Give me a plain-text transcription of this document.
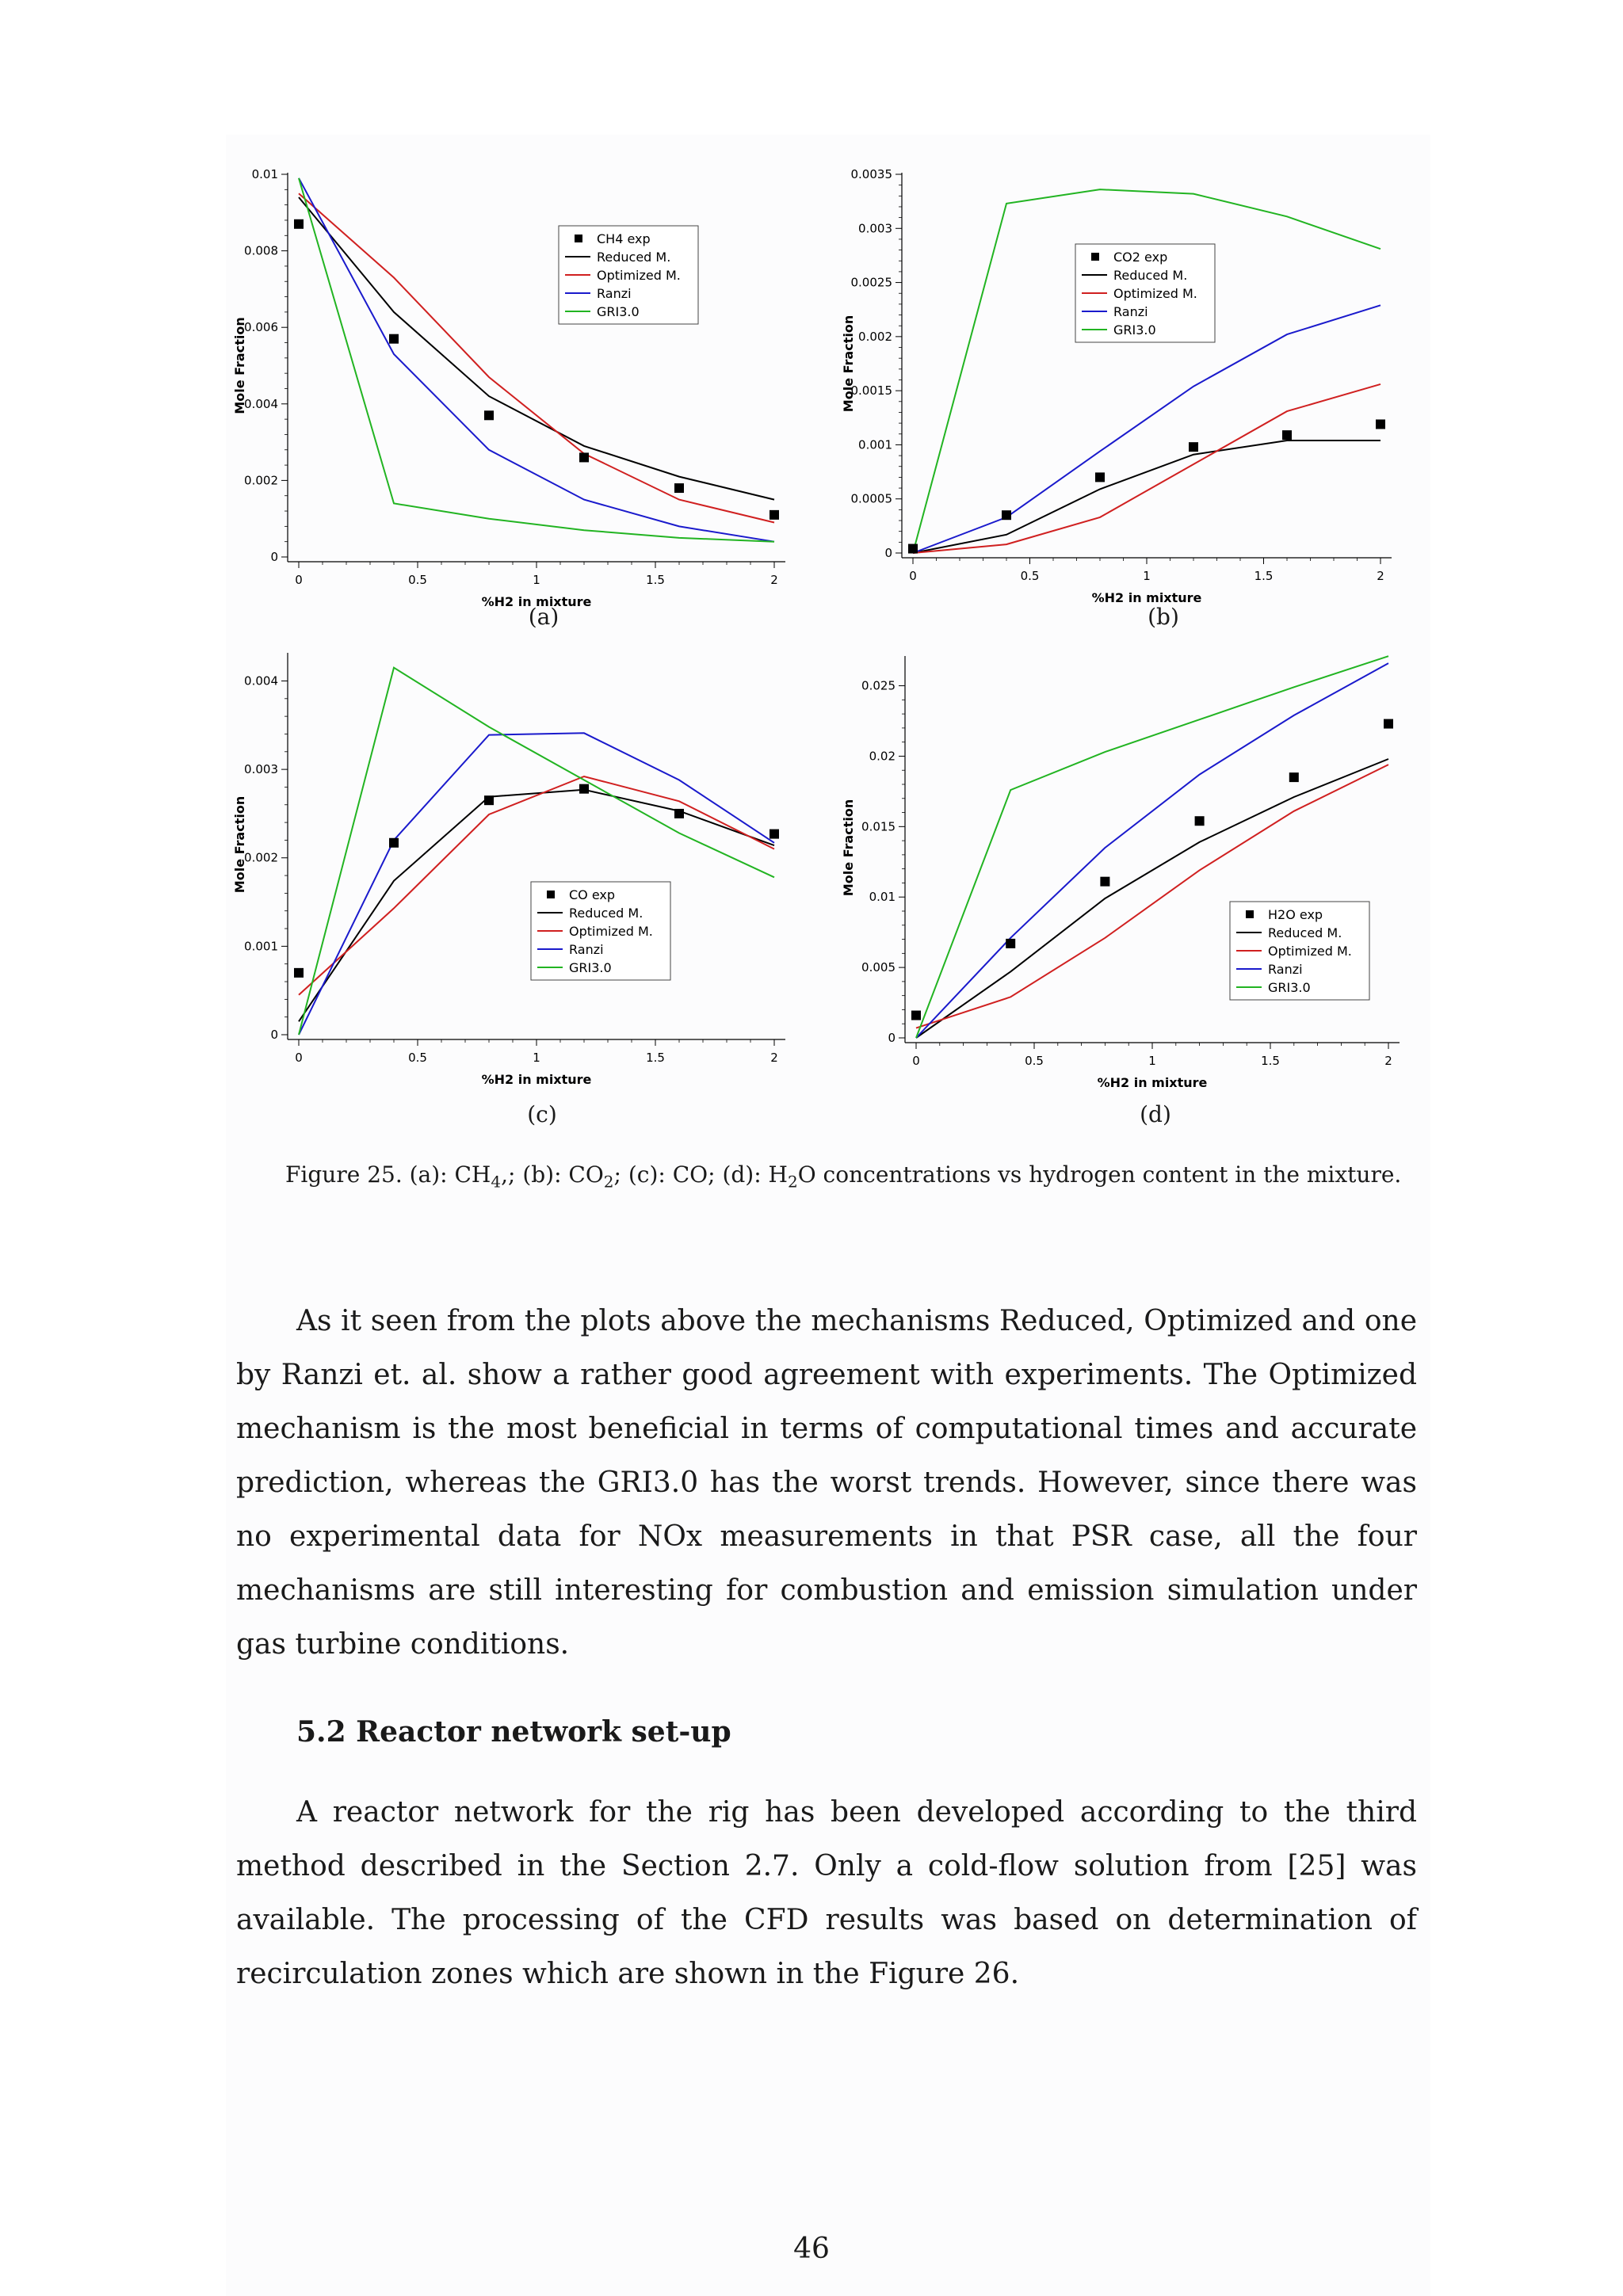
0	0.5	1	1.5	2
0
0.002
0.004
0.006
0.008
0.01
%H2 in mixture
Mole Fraction
CH4 exp
Reduced M.
Optimized M.
Ranzi
GRI3.0
0	0.5	1	1.5	2
0
0.0005
0.001
0.0015
0.002
0.0025
0.003
0.0035
%H2 in mixture
Mole Fraction
CO2 exp
Reduced M.
Optimized M.
Ranzi
GRI3.0
0	0.5	1	1.5	2
0
0.001
0.002
0.003
0.004
%H2 in mixture
Mole Fraction
CO exp
Reduced M.
Optimized M.
Ranzi
GRI3.0
0	0.5	1	1.5	2
0
0.005
0.01
0.015
0.02
0.025
%H2 in mixture
Mole Fraction
H2O exp
Reduced M.
Optimized M.
Ranzi
GRI3.0
(a)	(b)
(c)	(d)
Figure 25. (a): $CH_4$,; (b): $CO_2$; (c): CO; (d): $H_2O$ concentrations vs hydrogen content in the mixture.
As it seen from the plots above the mechanisms Reduced, Optimized and one by Ranzi et. al. show a rather good agreement with experiments. The Optimized mechanism is the most beneficial in terms of computational times and accurate prediction, whereas the GRI3.0 has the worst trends. However, since there was no experimental data for NOx measurements in that PSR case, all the four mechanisms are still interesting for combustion and emission simulation under gas turbine conditions.
5.2 Reactor network set-up
A reactor network for the rig has been developed according to the third method described in the Section 2.7. Only a cold-flow solution from [25] was available. The processing of the CFD results was based on determination of recirculation zones which are shown in the Figure 26.
46
